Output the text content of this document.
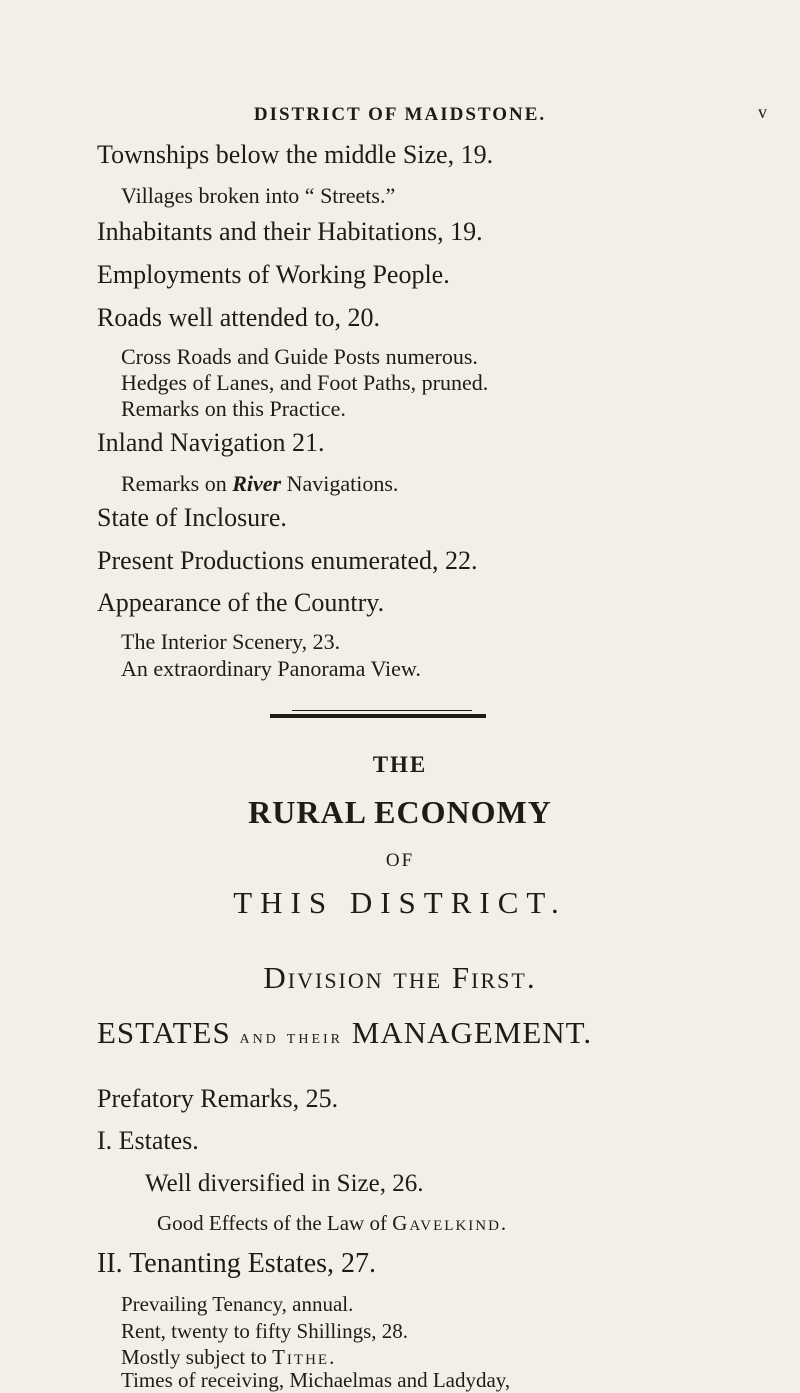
DISTRICT OF MAIDSTONE.	v
Townships below the middle Size, 19.
Villages broken into “ Streets.”
Inhabitants and their Habitations, 19.
Employments of Working People.
Roads well attended to, 20.
Cross Roads and Guide Posts numerous.
Hedges of Lanes, and Foot Paths, pruned.
Remarks on this Practice.
Inland Navigation 21.
Remarks on River Navigations.
State of Inclosure.
Present Productions enumerated, 22.
Appearance of the Country.
The Interior Scenery, 23.
An extraordinary Panorama View.
THE
RURAL ECONOMY
OF
THIS DISTRICT.
Division the First.
ESTATES and their MANAGEMENT.
Prefatory Remarks, 25.
I. Estates.
Well diversified in Size, 26.
Good Effects of the Law of Gavelkind.
II. Tenanting Estates, 27.
Prevailing Tenancy, annual.
Rent, twenty to fifty Shillings, 28.
Mostly subject to Tithe.
Times of receiving, Michaelmas and Ladyday,
